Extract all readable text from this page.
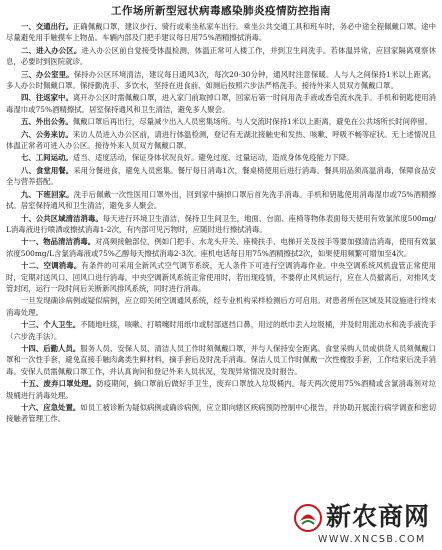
工作场所新型冠状病毒感染肺炎疫情防控指南
一、交通出行。正确佩戴口罩，建议步行、骑行或乘坐私家车出行。乘坐公共交通工具和班车时，务必中途全程佩戴口罩。途中尽量避免用手触摸车上物品。车辆内部及门把手建议每日用75%酒精擦拭消毒。
二、进入办公区。进入办公区前自觉接受体温检测，体温正常可入楼工作，并到卫生间洗手。若体温异常，应回家隔离观察休息，必要时到医院就诊。
三、办公室里。保持办公区环境清洁，建议每日通风3次，每次20-30分钟，通风时注意保暖。人与人之间保持1米以上距离，多人办公时佩戴口罩。保持勤洗手、多饮水，坚持在进食前、如厕后按照六步法严格洗手。接待外来人员双方佩戴口罩。
四、往返家中。离开办公区时需佩戴口罩，进入家门前取掉口罩，回家后第一时间用洗手液或香皂流水洗手。手机和钥匙使用消毒湿巾或75%酒精擦拭。居室保持通风和卫生清洁，避免多人聚会。
五、外出公务。佩戴口罩后再出行，尽量减少出入人员密集场所。与人交流时保持1米以上距离，避免在公共场所长时间停留。
六、公务来访。来访人员进入办公区前，请进行体温检测，登记有无湖北接触史和发热、咳嗽、呼吸不畅等症状。无上述情况且体温正常者可进入办公区。接待外来人员双方佩戴口罩。
七、工间运动。适当、适度活动，保证身体状况良好。避免过度、过量运动，造成身体免疫能力下降。
八、食堂用餐。采用分餐进食，避免人员密集。餐厅每日消毒1次，餐桌椅使用后进行消毒。餐具用品须高温消毒，保障食品安全与营养搭配。
九、下班回家。洗手后佩戴一次性医用口罩外出，回到家中摘掉口罩后首先洗手消毒。手机和钥匙使用消毒湿巾或75%酒精擦拭。居室保持通风和卫生清洁，避免多人聚会。
十、公共区域清洁消毒。每天进行环境卫生清洁，保持卫生间卫生，地面、台面、座椅等物体表面每天使用有效氯浓度500mg/L消毒液进行喷洒或擦拭消毒1-2次，有内部可见污物时，应随时进行擦拭消毒。
十一、物品清洁消毒。对高频接触部位，例如门把手、水龙头开关、座椅扶手、电梯开关及按手等要加强清洁消毒，使用有效氯浓度500mg/L含氯消毒液或75%乙醇每天擦拭消毒2-3次。座机电话每日用75%酒精擦拭2次，如果使用频繁可增加至4次。
十二、空调消毒。有条件的可采用全新风式空气调节系统，无人条件下可进行空调消毒作业。中央空调系统风机盘管正常使用时，定期对送风口、回风口进行消毒。中央空调新风系统正常使用时，若出现疫情，不要停止风机运行，应在人员撤离后，对排风支管封闭，运行一段时间后关断新风排风系统，同时进行消毒。
一旦发现确诊病例或疑似病例，应立即关闭空调通风系统，经专业机构采样检测后方可启用。对患者所在区域及其设施进行终末消毒处理。
十三、个人卫生。不随地吐痰，咳嗽、打喷嚏时用纸巾或肘部遮挡口鼻，用过的纸巾丢入垃圾桶，并及时用流动水和洗手液洗手（六步洗手法）。
十四、后勤人员。服务人员、安保人员、清洁人员工作时须佩戴口罩，并与人保持安全距离。食堂采购人员或供货人员须佩戴口罩和一次性手套，避免直接手触肉禽类生鲜材料，摘手套后及时洗手消毒。保洁人员工作时佩戴一次性橡胶手套，工作结束后洗手消毒。安保人员需佩戴口罩工作，并认真询问和登记外来人员状况，发现异常情况及时报告。
十五、废弃口罩处理。防疫期间，摘口罩前后做好手卫生，废弃口罩放入垃圾桶内，每天两次使用75%酒精或含氯消毒剂对垃圾桶进行消毒处理。
十六、应急处置。如员工被诊断为疑似病例或确诊病例，应立即向辖区疾病预防控制中心报告，并协助开展流行病学调查和密切接触者管理工作。
新农商网
WWW.XNCSB.COM
